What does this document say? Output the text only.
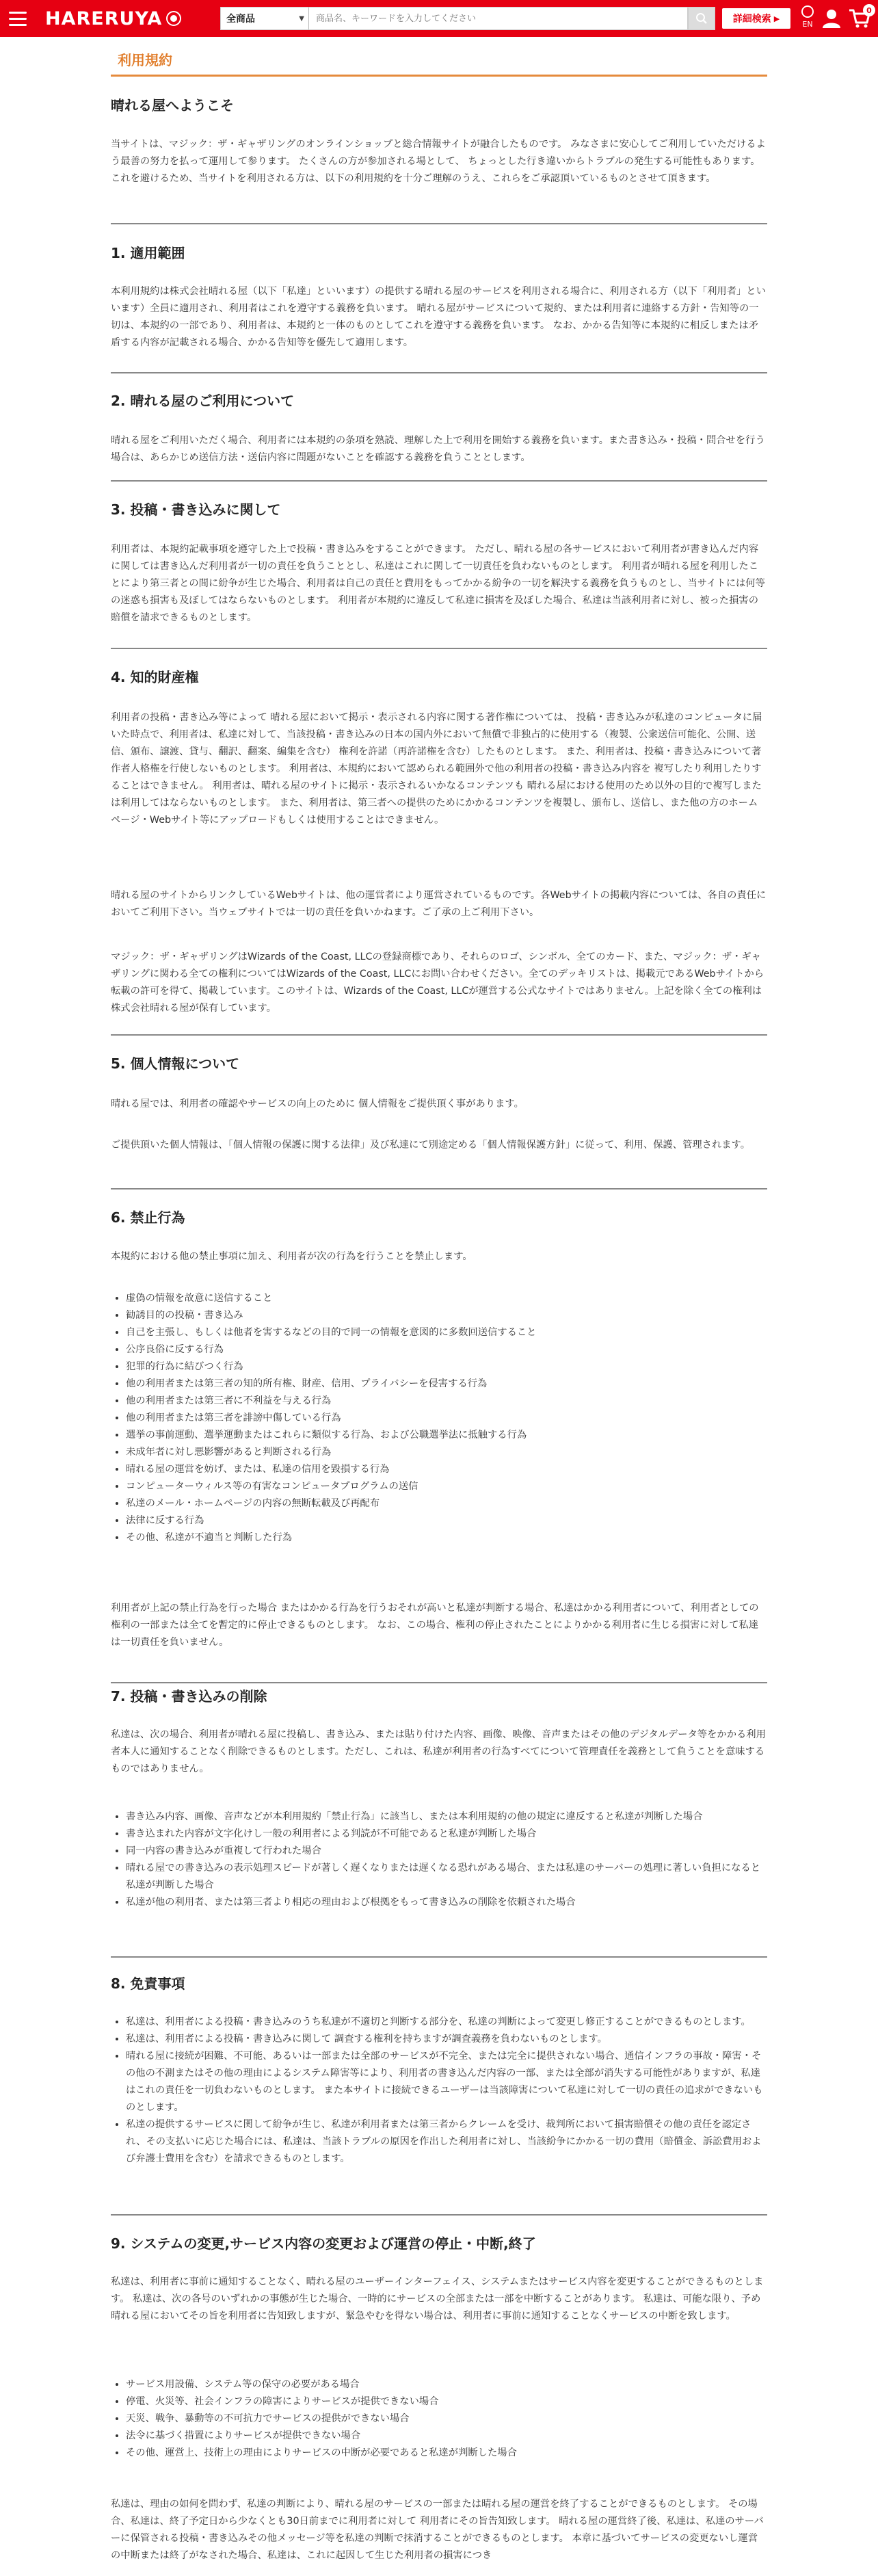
HARERUYA	全商品	▼
商品名、キーワードを入力してください	詳細検索 ▶
EN
0
利用規約
晴れる屋へようこそ
当サイトは、マジック：ザ・ギャザリングのオンラインショップと総合情報サイトが融合したものです。 みなさまに安心してご利用していただけるよう最善の努力を払って運用して参ります。 たくさんの方が参加される場として、 ちょっとした行き違いからトラブルの発生する可能性もあります。 これを避けるため、当サイトを利用される方は、以下の利用規約を十分ご理解のうえ、これらをご承認頂いているものとさせて頂きます。
1. 適用範囲
本利用規約は株式会社晴れる屋（以下「私達」といいます）の提供する晴れる屋のサービスを利用される場合に、利用される方（以下「利用者」といいます）全員に適用され、利用者はこれを遵守する義務を負います。 晴れる屋がサービスについて規約、または利用者に連絡する方針・告知等の一切は、本規約の一部であり、利用者は、本規約と一体のものとしてこれを遵守する義務を負います。 なお、かかる告知等に本規約に相反しまたは矛盾する内容が記載される場合、かかる告知等を優先して適用します。
2. 晴れる屋のご利用について
晴れる屋をご利用いただく場合、利用者には本規約の条項を熟読、理解した上で利用を開始する義務を負います。また書き込み・投稿・問合せを行う場合は、あらかじめ送信方法・送信内容に問題がないことを確認する義務を負うこととします。
3. 投稿・書き込みに関して
利用者は、本規約記載事項を遵守した上で投稿・書き込みをすることができます。 ただし、晴れる屋の各サービスにおいて利用者が書き込んだ内容に関しては書き込んだ利用者が一切の責任を負うこととし、私達はこれに関して一切責任を負わないものとします。 利用者が晴れる屋を利用したことにより第三者との間に紛争が生じた場合、利用者は自己の責任と費用をもってかかる紛争の一切を解決する義務を負うものとし、当サイトには何等の迷惑も損害も及ぼしてはならないものとします。 利用者が本規約に違反して私達に損害を及ぼした場合、私達は当該利用者に対し、被った損害の賠償を請求できるものとします。
4. 知的財産権
利用者の投稿・書き込み等によって 晴れる屋において掲示・表示される内容に関する著作権については、 投稿・書き込みが私達のコンピュータに届いた時点で、利用者は、私達に対して、当該投稿・書き込みの日本の国内外において無償で非独占的に使用する（複製、公衆送信可能化、公開、送信、頒布、譲渡、貸与、翻訳、翻案、編集を含む） 権利を許諾（再許諾権を含む）したものとします。 また、利用者は、投稿・書き込みについて著作者人格権を行使しないものとします。 利用者は、本規約において認められる範囲外で他の利用者の投稿・書き込み内容を 複写したり利用したりすることはできません。 利用者は、晴れる屋のサイトに掲示・表示されるいかなるコンテンツも 晴れる屋における使用のため以外の目的で複写しまたは利用してはならないものとします。 また、利用者は、第三者への提供のためにかかるコンテンツを複製し、頒布し、送信し、また他の方のホームページ・Webサイト等にアップロードもしくは使用することはできません。
晴れる屋のサイトからリンクしているWebサイトは、他の運営者により運営されているものです。各Webサイトの掲載内容については、各自の責任においてご利用下さい。当ウェブサイトでは一切の責任を負いかねます。ご了承の上ご利用下さい。
マジック：ザ・ギャザリングはWizards of the Coast, LLCの登録商標であり、それらのロゴ、シンボル、全てのカード、また、マジック：ザ・ギャザリングに関わる全ての権利についてはWizards of the Coast, LLCにお問い合わせください。全てのデッキリストは、掲載元であるWebサイトから転載の許可を得て、掲載しています。このサイトは、Wizards of the Coast, LLCが運営する公式なサイトではありません。上記を除く全ての権利は株式会社晴れる屋が保有しています。
5. 個人情報について
晴れる屋では、利用者の確認やサービスの向上のために 個人情報をご提供頂く事があります。
ご提供頂いた個人情報は、「個人情報の保護に関する法律」及び私達にて別途定める「個人情報保護方針」に従って、利用、保護、管理されます。
6. 禁止行為
本規約における他の禁止事項に加え、利用者が次の行為を行うことを禁止します。
• 虚偽の情報を故意に送信すること
• 勧誘目的の投稿・書き込み
• 自己を主張し、もしくは他者を害するなどの目的で同一の情報を意図的に多数回送信すること
• 公序良俗に反する行為
• 犯罪的行為に結びつく行為
• 他の利用者または第三者の知的所有権、財産、信用、プライバシーを侵害する行為
• 他の利用者または第三者に不利益を与える行為
• 他の利用者または第三者を誹謗中傷している行為
• 選挙の事前運動、選挙運動またはこれらに類似する行為、および公職選挙法に抵触する行為
• 未成年者に対し悪影響があると判断される行為
• 晴れる屋の運営を妨げ、または、私達の信用を毀損する行為
• コンピューターウィルス等の有害なコンピュータプログラムの送信
• 私達のメール・ホームページの内容の無断転載及び再配布
• 法律に反する行為
• その他、私達が不適当と判断した行為
利用者が上記の禁止行為を行った場合 またはかかる行為を行うおそれが高いと私達が判断する場合、私達はかかる利用者について、利用者としての権利の一部または全てを暫定的に停止できるものとします。 なお、この場合、権利の停止されたことによりかかる利用者に生じる損害に対して私達は一切責任を負いません。
7. 投稿・書き込みの削除
私達は、次の場合、利用者が晴れる屋に投稿し、書き込み、または貼り付けた内容、画像、映像、音声またはその他のデジタルデータ等をかかる利用者本人に通知することなく削除できるものとします。ただし、これは、私達が利用者の行為すべてについて管理責任を義務として負うことを意味するものではありません。
• 書き込み内容、画像、音声などが本利用規約「禁止行為」に該当し、または本利用規約の他の規定に違反すると私達が判断した場合
• 書き込まれた内容が文字化けし一般の利用者による判読が不可能であると私達が判断した場合
• 同一内容の書き込みが重複して行われた場合
• 晴れる屋での書き込みの表示処理スピードが著しく遅くなりまたは遅くなる恐れがある場合、または私達のサーバーの処理に著しい負担になると私達が判断した場合
• 私達が他の利用者、または第三者より相応の理由および根拠をもって書き込みの削除を依頼された場合
8. 免責事項
• 私達は、利用者による投稿・書き込みのうち私達が不適切と判断する部分を、私達の判断によって変更し修正することができるものとします。
• 私達は、利用者による投稿・書き込みに関して 調査する権利を持ちますが調査義務を負わないものとします。
• 晴れる屋に接続が困難、不可能、あるいは一部または全部のサービスが不完全、または完全に提供されない場合、通信インフラの事故・障害・その他の不測またはその他の理由によるシステム障害等により、利用者の書き込んだ内容の一部、または全部が消失する可能性がありますが、私達はこれの責任を一切負わないものとします。 また本サイトに接続できるユーザーは当該障害について私達に対して一切の責任の追求ができないものとします。
• 私達の提供するサービスに関して紛争が生じ、私達が利用者または第三者からクレームを受け、裁判所において損害賠償その他の責任を認定され、その支払いに応じた場合には、私達は、当該トラブルの原因を作出した利用者に対し、当該紛争にかかる一切の費用（賠償金、訴訟費用および弁護士費用を含む）を請求できるものとします。
9. システムの変更,サービス内容の変更および運営の停止・中断,終了
私達は、利用者に事前に通知することなく、晴れる屋のユーザーインターフェイス、システムまたはサービス内容を変更することができるものとします。 私達は、次の各号のいずれかの事態が生じた場合、一時的にサービスの全部または一部を中断することがあります。 私達は、可能な限り、予め晴れる屋においてその旨を利用者に告知致しますが、緊急やむを得ない場合は、利用者に事前に通知することなくサービスの中断を致します。
• サービス用設備、システム等の保守の必要がある場合
• 停電、火災等、社会インフラの障害によりサービスが提供できない場合
• 天災、戦争、暴動等の不可抗力でサービスの提供ができない場合
• 法令に基づく措置によりサービスが提供できない場合
• その他、運営上、技術上の理由によりサービスの中断が必要であると私達が判断した場合
私達は、理由の如何を問わず、私達の判断により、晴れる屋のサービスの一部または晴れる屋の運営を終了することができるものとします。 その場合、私達は、終了予定日から少なくとも30日前までに利用者に対して 利用者にその旨告知致します。 晴れる屋の運営終了後、私達は、私達のサーバーに保管される投稿・書き込みその他メッセージ等を私達の判断で抹消することができるものとします。 本章に基づいてサービスの変更ないし運営の中断または終了がなされた場合、私達は、これに起因して生じた利用者の損害につき
